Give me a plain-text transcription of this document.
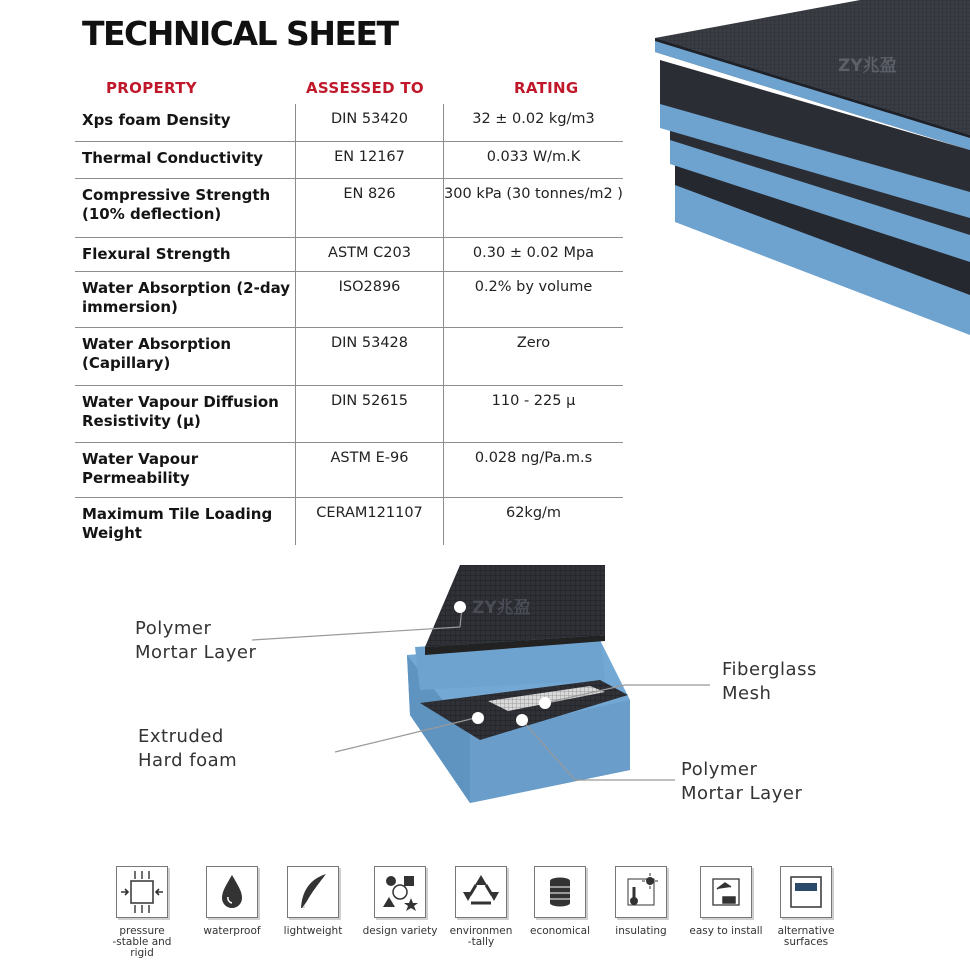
TECHNICAL SHEET
PROPERTY	ASSESSED TO	RATING
Xps foam Density	DIN 53420	32 ± 0.02 kg/m3
Thermal Conductivity	EN 12167	0.033 W/m.K
Compressive Strength
(10% deflection)
EN 826	300 kPa (30 tonnes/m2 )
Flexural Strength	ASTM C203	0.30 ± 0.02 Mpa
Water Absorption (2-day
immersion)
ISO2896	0.2% by volume
Water Absorption
(Capillary)
DIN 53428	Zero
Water Vapour Diffusion
Resistivity (μ)
DIN 52615	110 - 225 μ
Water Vapour
Permeability
ASTM E-96	0.028 ng/Pa.m.s
Maximum Tile Loading
Weight
CERAM121107	62kg/m
ZY兆盈
ZY兆盈
Polymer
Mortar Layer
Fiberglass
Mesh
Extruded
Hard foam	Polymer
Mortar Layer
pressure
-stable and rigid
waterproof	lightweight	design variety	environmen
-tally
economical	insulating	easy to install	alternative
surfaces
